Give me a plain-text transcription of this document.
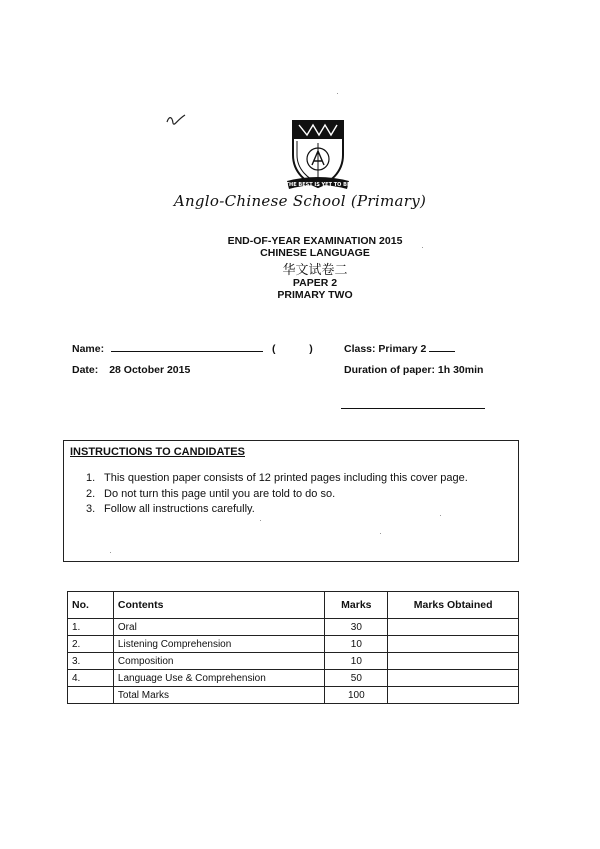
THE BEST IS YET TO BE
Anglo-Chinese School (Primary)
END-OF-YEAR EXAMINATION 2015
CHINESE LANGUAGE
华文试卷二
PAPER 2
PRIMARY TWO
Name:	(	)	Class: Primary 2
Date: 28 October 2015	Duration of paper: 1h 30min
INSTRUCTIONS TO CANDIDATES
1. This question paper consists of 12 printed pages including this cover page.
2. Do not turn this page until you are told to do so.
3. Follow all instructions carefully.
No.	Contents	Marks	Marks Obtained
1.	Oral	30	
2.	Listening Comprehension	10	
3.	Composition	10	
4.	Language Use & Comprehension	50	
	Total Marks	100	
